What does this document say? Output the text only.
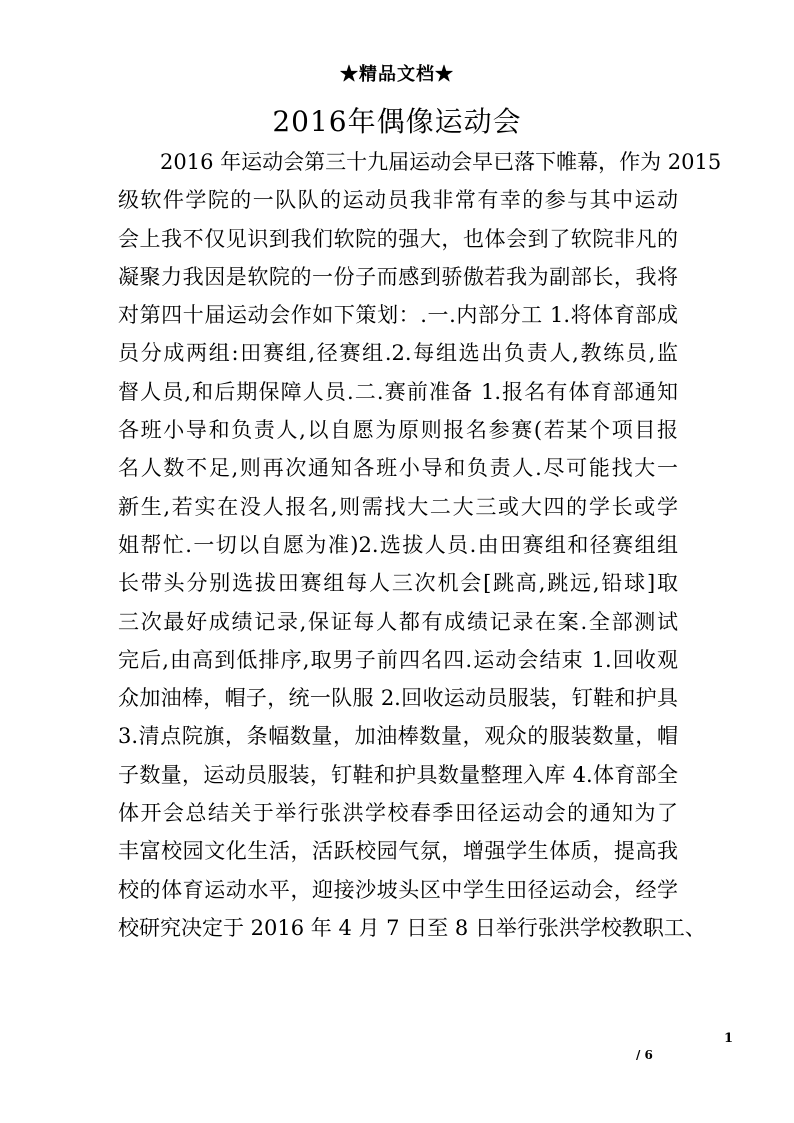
★精品文档★
2016年偶像运动会
2016 年运动会第三十九届运动会早已落下帷幕，作为 2015
级软件学院的一队队的运动员我非常有幸的参与其中运动
会上我不仅见识到我们软院的强大，也体会到了软院非凡的
凝聚力我因是软院的一份子而感到骄傲若我为副部长，我将
对第四十届运动会作如下策划：.一.内部分工 1.将体育部成
员分成两组:田赛组,径赛组.2.每组选出负责人,教练员,监
督人员,和后期保障人员.二.赛前准备 1.报名有体育部通知
各班小导和负责人,以自愿为原则报名参赛(若某个项目报
名人数不足,则再次通知各班小导和负责人.尽可能找大一
新生,若实在没人报名,则需找大二大三或大四的学长或学
姐帮忙.一切以自愿为准)2.选拔人员.由田赛组和径赛组组
长带头分别选拔田赛组每人三次机会[跳高,跳远,铅球]取
三次最好成绩记录,保证每人都有成绩记录在案.全部测试
完后,由高到低排序,取男子前四名四.运动会结束 1.回收观
众加油棒，帽子，统一队服 2.回收运动员服装，钉鞋和护具
3.清点院旗，条幅数量，加油棒数量，观众的服装数量，帽
子数量，运动员服装，钉鞋和护具数量整理入库 4.体育部全
体开会总结关于举行张洪学校春季田径运动会的通知为了
丰富校园文化生活，活跃校园气氛，增强学生体质，提高我
校的体育运动水平，迎接沙坡头区中学生田径运动会，经学
校研究决定于 2016 年 4 月 7 日至 8 日举行张洪学校教职工、
1
/ 6
